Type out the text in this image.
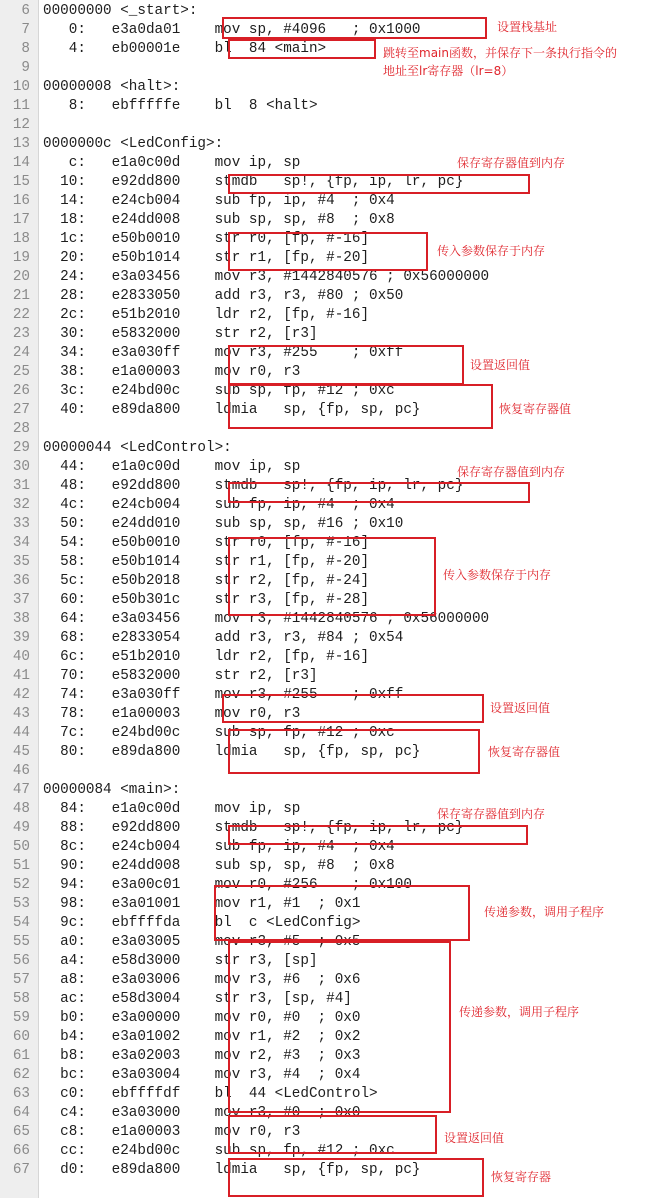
6 00000000 <_start>:
7 0:   e3a0da01    mov sp, #4096   ; 0x1000
8 4:   eb00001e    bl  84 <main>
9
10 00000008 <halt>:
11 8:   ebfffffe    bl  8 <halt>
12
13 0000000c <LedConfig>:
14 c:   e1a0c00d    mov ip, sp
15 10:   e92dd800    stmdb   sp!, {fp, ip, lr, pc}
16 14:   e24cb004    sub fp, ip, #4  ; 0x4
17 18:   e24dd008    sub sp, sp, #8  ; 0x8
18 1c:   e50b0010    str r0, [fp, #-16]
19 20:   e50b1014    str r1, [fp, #-20]
20 24:   e3a03456    mov r3, #1442840576 ; 0x56000000
21 28:   e2833050    add r3, r3, #80 ; 0x50
22 2c:   e51b2010    ldr r2, [fp, #-16]
23 30:   e5832000    str r2, [r3]
24 34:   e3a030ff    mov r3, #255    ; 0xff
25 38:   e1a00003    mov r0, r3
26 3c:   e24bd00c    sub sp, fp, #12 ; 0xc
27 40:   e89da800    ldmia   sp, {fp, sp, pc}
28
29 00000044 <LedControl>:
30 44:   e1a0c00d    mov ip, sp
31 48:   e92dd800    stmdb   sp!, {fp, ip, lr, pc}
32 4c:   e24cb004    sub fp, ip, #4  ; 0x4
33 50:   e24dd010    sub sp, sp, #16 ; 0x10
34 54:   e50b0010    str r0, [fp, #-16]
35 58:   e50b1014    str r1, [fp, #-20]
36 5c:   e50b2018    str r2, [fp, #-24]
37 60:   e50b301c    str r3, [fp, #-28]
38 64:   e3a03456    mov r3, #1442840576 ; 0x56000000
39 68:   e2833054    add r3, r3, #84 ; 0x54
40 6c:   e51b2010    ldr r2, [fp, #-16]
41 70:   e5832000    str r2, [r3]
42 74:   e3a030ff    mov r3, #255    ; 0xff
43 78:   e1a00003    mov r0, r3
44 7c:   e24bd00c    sub sp, fp, #12 ; 0xc
45 80:   e89da800    ldmia   sp, {fp, sp, pc}
46
47 00000084 <main>:
48 84:   e1a0c00d    mov ip, sp
49 88:   e92dd800    stmdb   sp!, {fp, ip, lr, pc}
50 8c:   e24cb004    sub fp, ip, #4  ; 0x4
51 90:   e24dd008    sub sp, sp, #8  ; 0x8
52 94:   e3a00c01    mov r0, #256    ; 0x100
53 98:   e3a01001    mov r1, #1  ; 0x1
54 9c:   ebffffda    bl  c <LedConfig>
55 a0:   e3a03005    mov r3, #5  ; 0x5
56 a4:   e58d3000    str r3, [sp]
57 a8:   e3a03006    mov r3, #6  ; 0x6
58 ac:   e58d3004    str r3, [sp, #4]
59 b0:   e3a00000    mov r0, #0  ; 0x0
60 b4:   e3a01002    mov r1, #2  ; 0x2
61 b8:   e3a02003    mov r2, #3  ; 0x3
62 bc:   e3a03004    mov r3, #4  ; 0x4
63 c0:   ebffffdf    bl  44 <LedControl>
64 c4:   e3a03000    mov r3, #0  ; 0x0
65 c8:   e1a00003    mov r0, r3
66 cc:   e24bd00c    sub sp, fp, #12 ; 0xc
67 d0:   e89da800    ldmia   sp, {fp, sp, pc}
设置栈基址
跳转至main函数，并保存下一条执行指令的
地址至lr寄存器（lr=8）
保存寄存器值到内存
传入参数保存于内存
设置返回值
恢复寄存器值
保存寄存器值到内存
传入参数保存于内存
设置返回值
恢复寄存器值
保存寄存器值到内存
传递参数，调用子程序
传递参数，调用子程序
设置返回值
恢复寄存器
